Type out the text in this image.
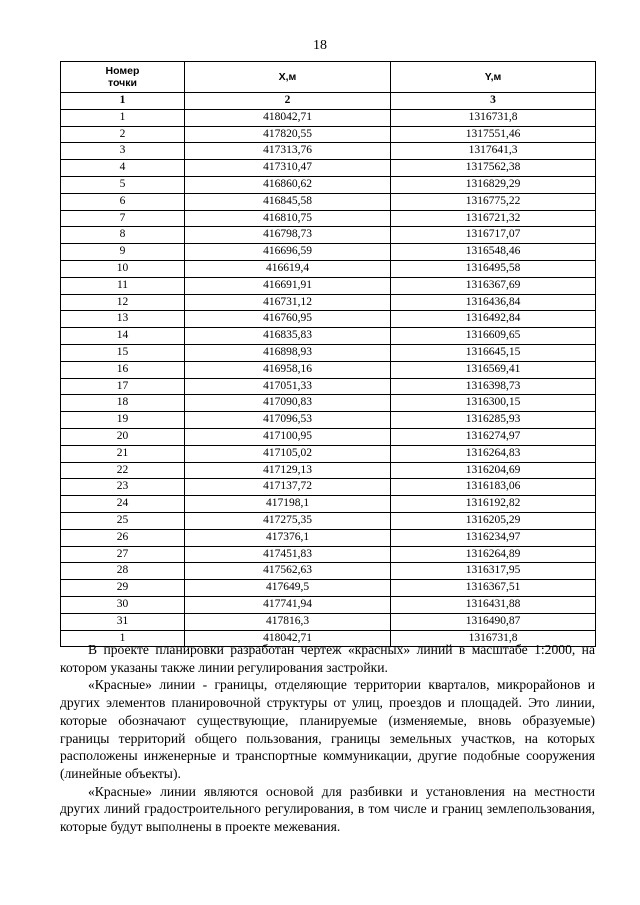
18
Номер
точки	X,м	Y,м
1	2	3
1	418042,71	1316731,8
2	417820,55	1317551,46
3	417313,76	1317641,3
4	417310,47	1317562,38
5	416860,62	1316829,29
6	416845,58	1316775,22
7	416810,75	1316721,32
8	416798,73	1316717,07
9	416696,59	1316548,46
10	416619,4	1316495,58
11	416691,91	1316367,69
12	416731,12	1316436,84
13	416760,95	1316492,84
14	416835,83	1316609,65
15	416898,93	1316645,15
16	416958,16	1316569,41
17	417051,33	1316398,73
18	417090,83	1316300,15
19	417096,53	1316285,93
20	417100,95	1316274,97
21	417105,02	1316264,83
22	417129,13	1316204,69
23	417137,72	1316183,06
24	417198,1	1316192,82
25	417275,35	1316205,29
26	417376,1	1316234,97
27	417451,83	1316264,89
28	417562,63	1316317,95
29	417649,5	1316367,51
30	417741,94	1316431,88
31	417816,3	1316490,87
1	418042,71	1316731,8

В проекте планировки разработан чертеж «красных» линий в масштабе 1:2000, на котором указаны также линии регулирования застройки.

«Красные» линии - границы, отделяющие территории кварталов, микрорайонов и других элементов планировочной структуры от улиц, проездов и площадей. Это линии, которые обозначают существующие, планируемые (изменяемые, вновь образуемые) границы территорий общего пользования, границы земельных участков, на которых расположены инженерные и транспортные коммуникации, другие подобные сооружения (линейные объекты).

«Красные» линии являются основой для разбивки и установления на местности других линий градостроительного регулирования, в том числе и границ землепользования, которые будут выполнены в проекте межевания.
